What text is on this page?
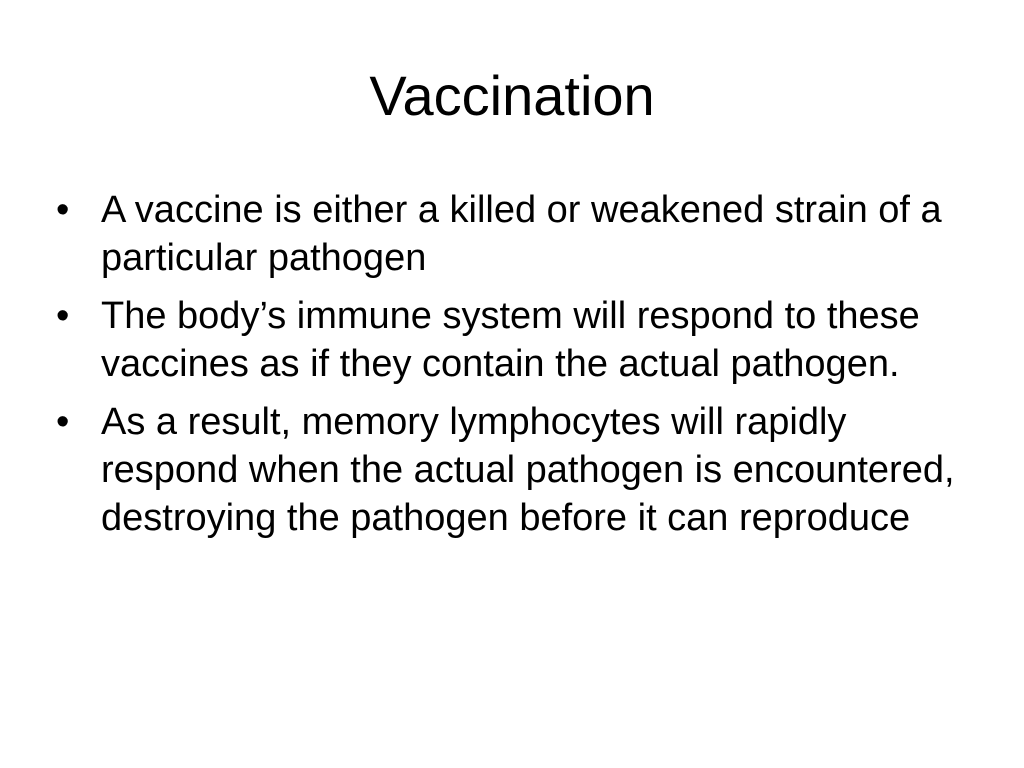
Vaccination
• A vaccine is either a killed or weakened strain of a particular pathogen
• The body’s immune system will respond to these vaccines as if they contain the actual pathogen.
• As a result, memory lymphocytes will rapidly respond when the actual pathogen is encountered, destroying the pathogen before it can reproduce
